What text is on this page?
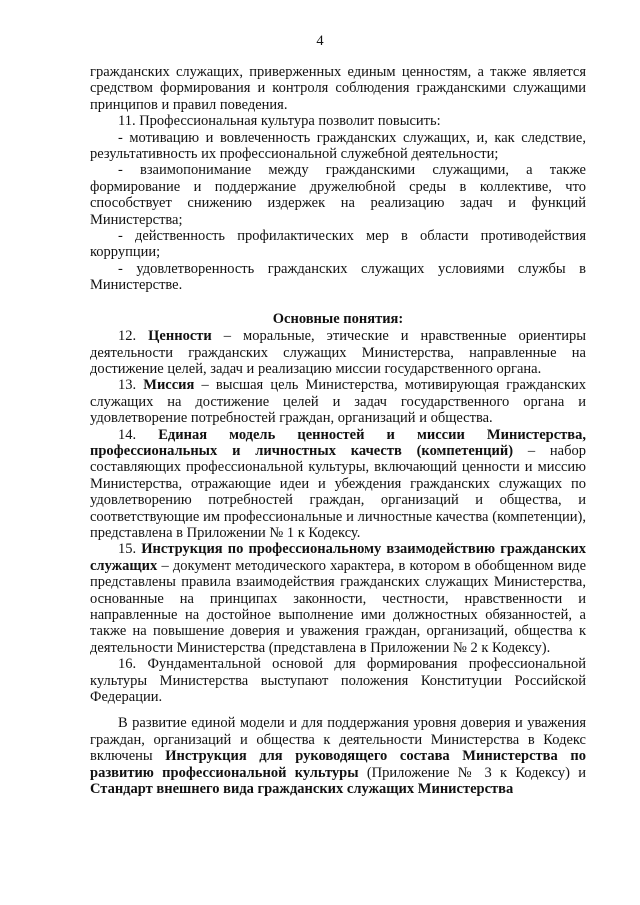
4

гражданских служащих, приверженных единым ценностям, а также является средством формирования и контроля соблюдения гражданскими служащими принципов и правил поведения.

11. Профессиональная культура позволит повысить:

- мотивацию и вовлеченность гражданских служащих, и, как следствие, результативность их профессиональной служебной деятельности;

- взаимопонимание между гражданскими служащими, а также формирование и поддержание дружелюбной среды в коллективе, что способствует снижению издержек на реализацию задач и функций Министерства;

- действенность профилактических мер в области противодействия коррупции;

- удовлетворенность гражданских служащих условиями службы в Министерстве.

Основные понятия:

12. Ценности – моральные, этические и нравственные ориентиры деятельности гражданских служащих Министерства, направленные на достижение целей, задач и реализацию миссии государственного органа.

13. Миссия – высшая цель Министерства, мотивирующая гражданских служащих на достижение целей и задач государственного органа и удовлетворение потребностей граждан, организаций и общества.

14. Единая модель ценностей и миссии Министерства, профессиональных и личностных качеств (компетенций) – набор составляющих профессиональной культуры, включающий ценности и миссию Министерства, отражающие идеи и убеждения гражданских служащих по удовлетворению потребностей граждан, организаций и общества, и соответствующие им профессиональные и личностные качества (компетенции), представлена в Приложении № 1 к Кодексу.

15. Инструкция по профессиональному взаимодействию гражданских служащих – документ методического характера, в котором в обобщенном виде представлены правила взаимодействия гражданских служащих Министерства, основанные на принципах законности, честности, нравственности и направленные на достойное выполнение ими должностных обязанностей, а также на повышение доверия и уважения граждан, организаций, общества к деятельности Министерства (представлена в Приложении № 2 к Кодексу).

16. Фундаментальной основой для формирования профессиональной культуры Министерства выступают положения Конституции Российской Федерации.

В развитие единой модели и для поддержания уровня доверия и уважения граждан, организаций и общества к деятельности Министерства в Кодекс включены Инструкция для руководящего состава Министерства по развитию профессиональной культуры (Приложение № 3 к Кодексу) и Стандарт внешнего вида гражданских служащих Министерства
